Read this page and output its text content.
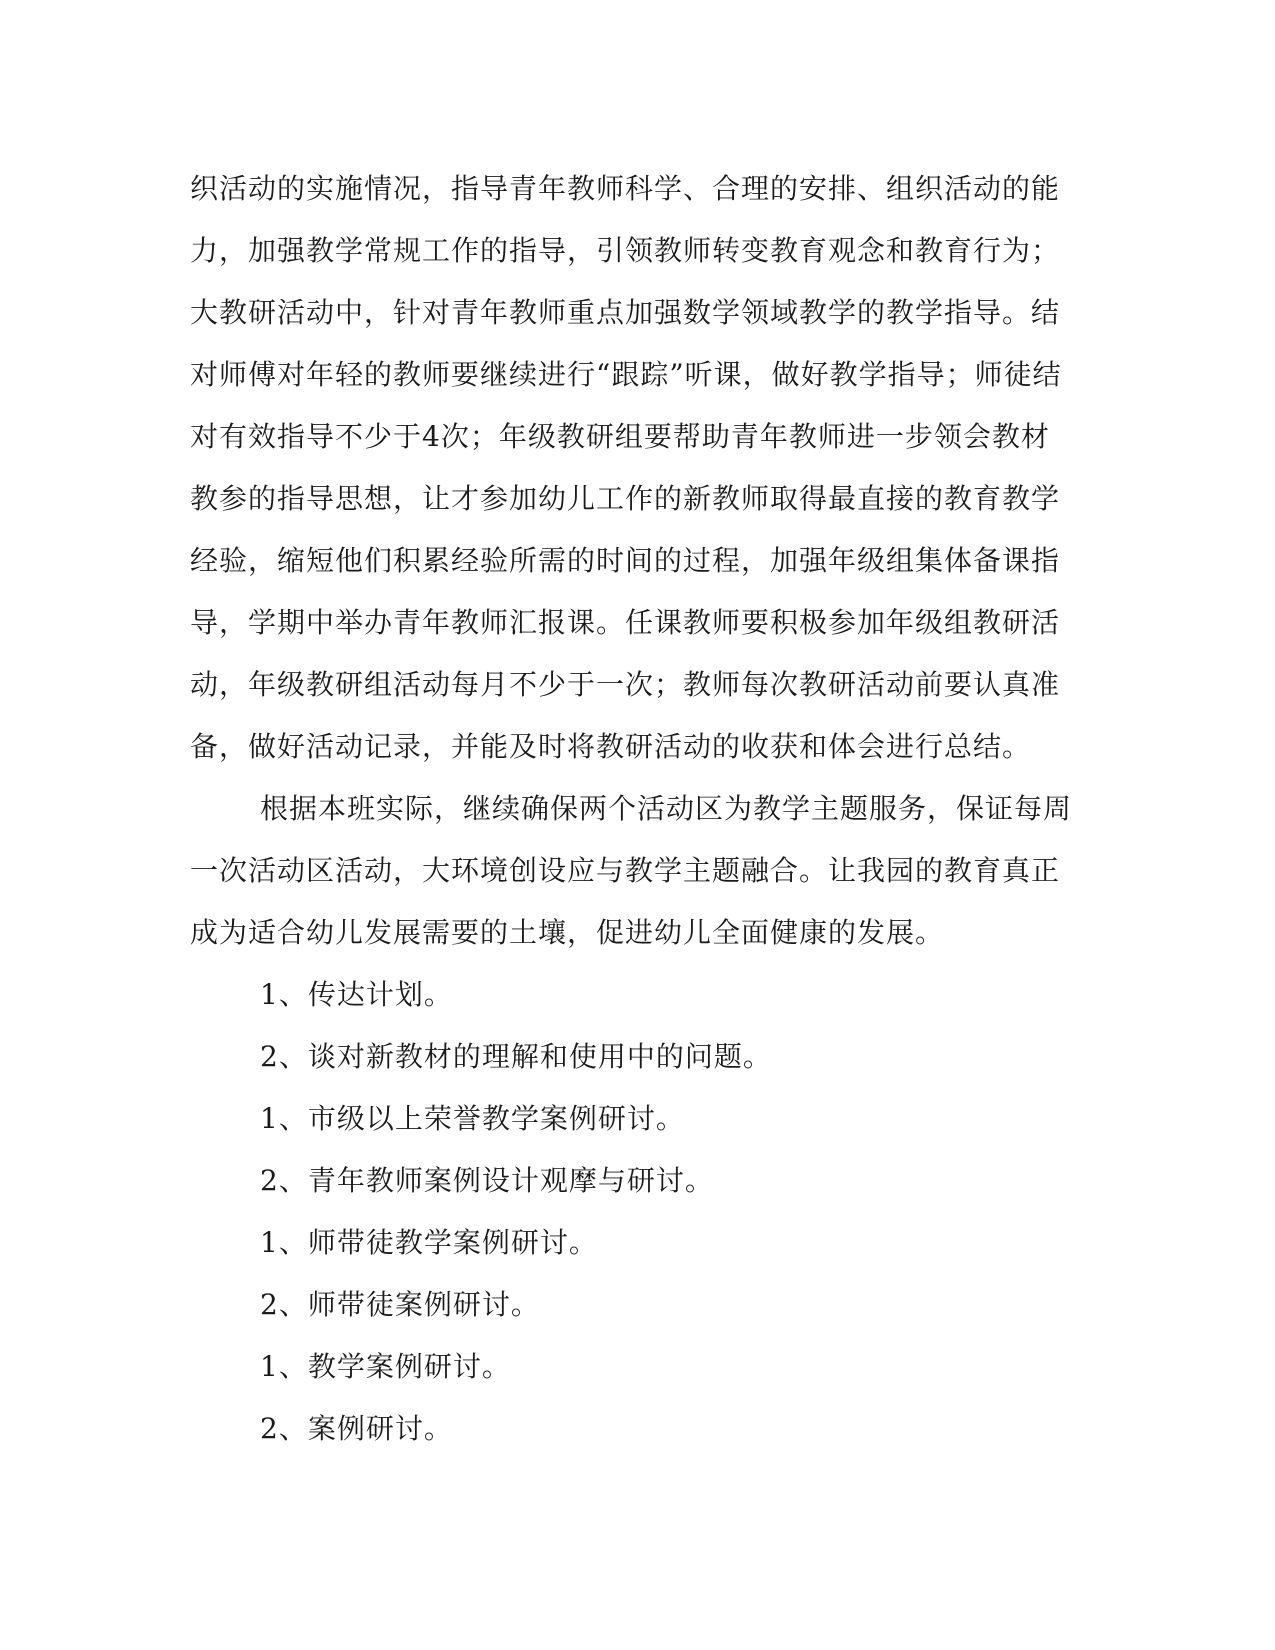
织活动的实施情况，指导青年教师科学、合理的安排、组织活动的能
力，加强教学常规工作的指导，引领教师转变教育观念和教育行为；
大教研活动中，针对青年教师重点加强数学领域教学的教学指导。结
对师傅对年轻的教师要继续进行“跟踪”听课，做好教学指导；师徒结
对有效指导不少于4次；年级教研组要帮助青年教师进一步领会教材
教参的指导思想，让才参加幼儿工作的新教师取得最直接的教育教学
经验，缩短他们积累经验所需的时间的过程，加强年级组集体备课指
导，学期中举办青年教师汇报课。任课教师要积极参加年级组教研活
动，年级教研组活动每月不少于一次；教师每次教研活动前要认真准
备，做好活动记录，并能及时将教研活动的收获和体会进行总结。
根据本班实际，继续确保两个活动区为教学主题服务，保证每周
一次活动区活动，大环境创设应与教学主题融合。让我园的教育真正
成为适合幼儿发展需要的土壤，促进幼儿全面健康的发展。
1、传达计划。
2、谈对新教材的理解和使用中的问题。
1、市级以上荣誉教学案例研讨。
2、青年教师案例设计观摩与研讨。
1、师带徒教学案例研讨。
2、师带徒案例研讨。
1、教学案例研讨。
2、案例研讨。
